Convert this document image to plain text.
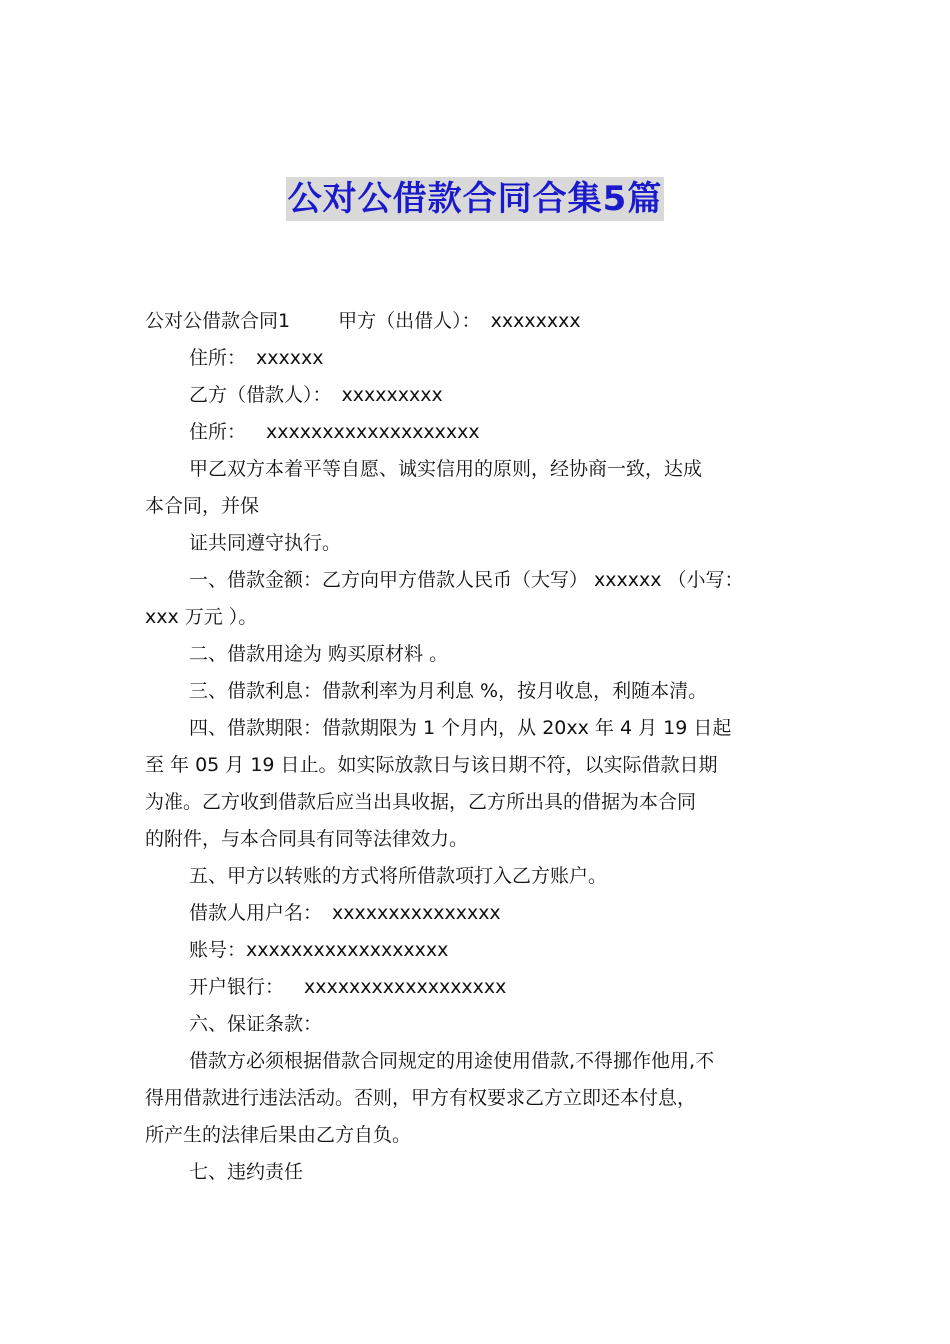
公对公借款合同合集5篇
公对公借款合同1	甲方（出借人）： xxxxxxxx
住所： xxxxxx
乙方（借款人）： xxxxxxxxx
住所： xxxxxxxxxxxxxxxxxxx
甲乙双方本着平等自愿、诚实信用的原则，经协商一致，达成
本合同，并保
证共同遵守执行。
一、借款金额：乙方向甲方借款人民币（大写） xxxxxx （小写：
xxx 万元 ）。
二、借款用途为 购买原材料 。
三、借款利息：借款利率为月利息 %，按月收息，利随本清。
四、借款期限：借款期限为 1 个月内，从 20xx 年 4 月 19 日起
至 年 05 月 19 日止。如实际放款日与该日期不符，以实际借款日期
为准。乙方收到借款后应当出具收据，乙方所出具的借据为本合同
的附件，与本合同具有同等法律效力。
五、甲方以转账的方式将所借款项打入乙方账户。
借款人用户名： xxxxxxxxxxxxxxx
账号：xxxxxxxxxxxxxxxxxx
开户银行： xxxxxxxxxxxxxxxxxx
六、保证条款：
借款方必须根据借款合同规定的用途使用借款,不得挪作他用,不
得用借款进行违法活动。否则，甲方有权要求乙方立即还本付息，
所产生的法律后果由乙方自负。
七、违约责任
